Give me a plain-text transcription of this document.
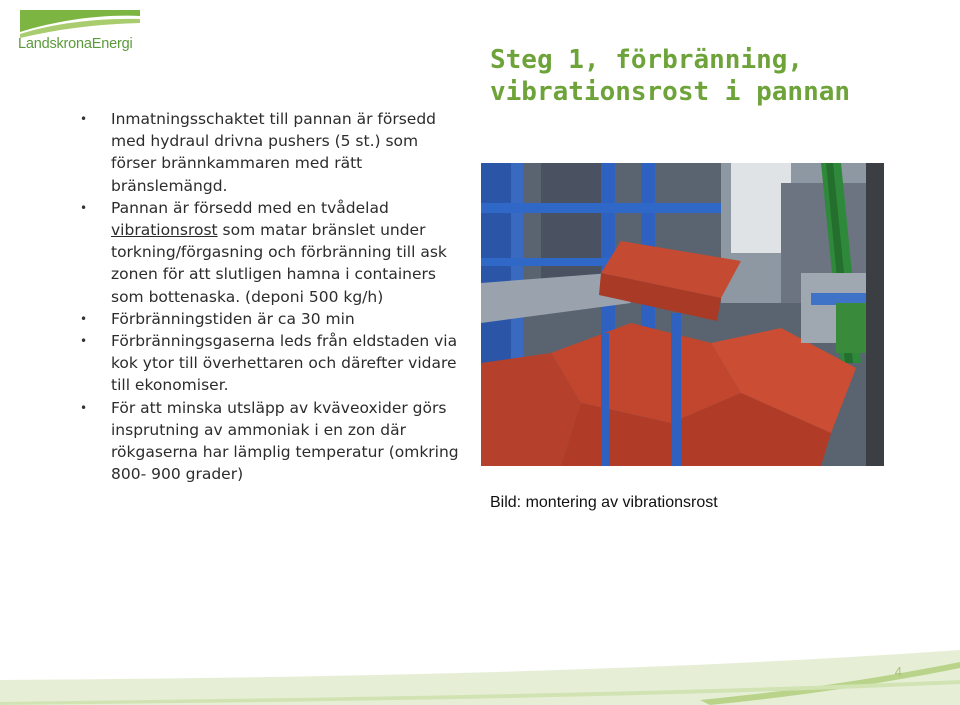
LandskronaEnergi
• Inmatningsschaktet till pannan är försedd med hydraul drivna pushers (5 st.) som förser brännkammaren med rätt bränslemängd.
• Pannan är försedd med en tvådelad vibrationsrost som matar bränslet under torkning/förgasning och förbränning till ask zonen för att slutligen hamna i containers som bottenaska. (deponi 500 kg/h)
• Förbränningstiden är ca 30 min
• Förbränningsgaserna leds från eldstaden via kok ytor till överhettaren och därefter vidare till ekonomiser.
• För att minska utsläpp av kväveoxider görs insprutning av ammoniak i en zon där rökgaserna har lämplig temperatur (omkring 800- 900 grader)
Steg 1, förbränning, vibrationsrost i pannan
Bild: montering av vibrationsrost
4
